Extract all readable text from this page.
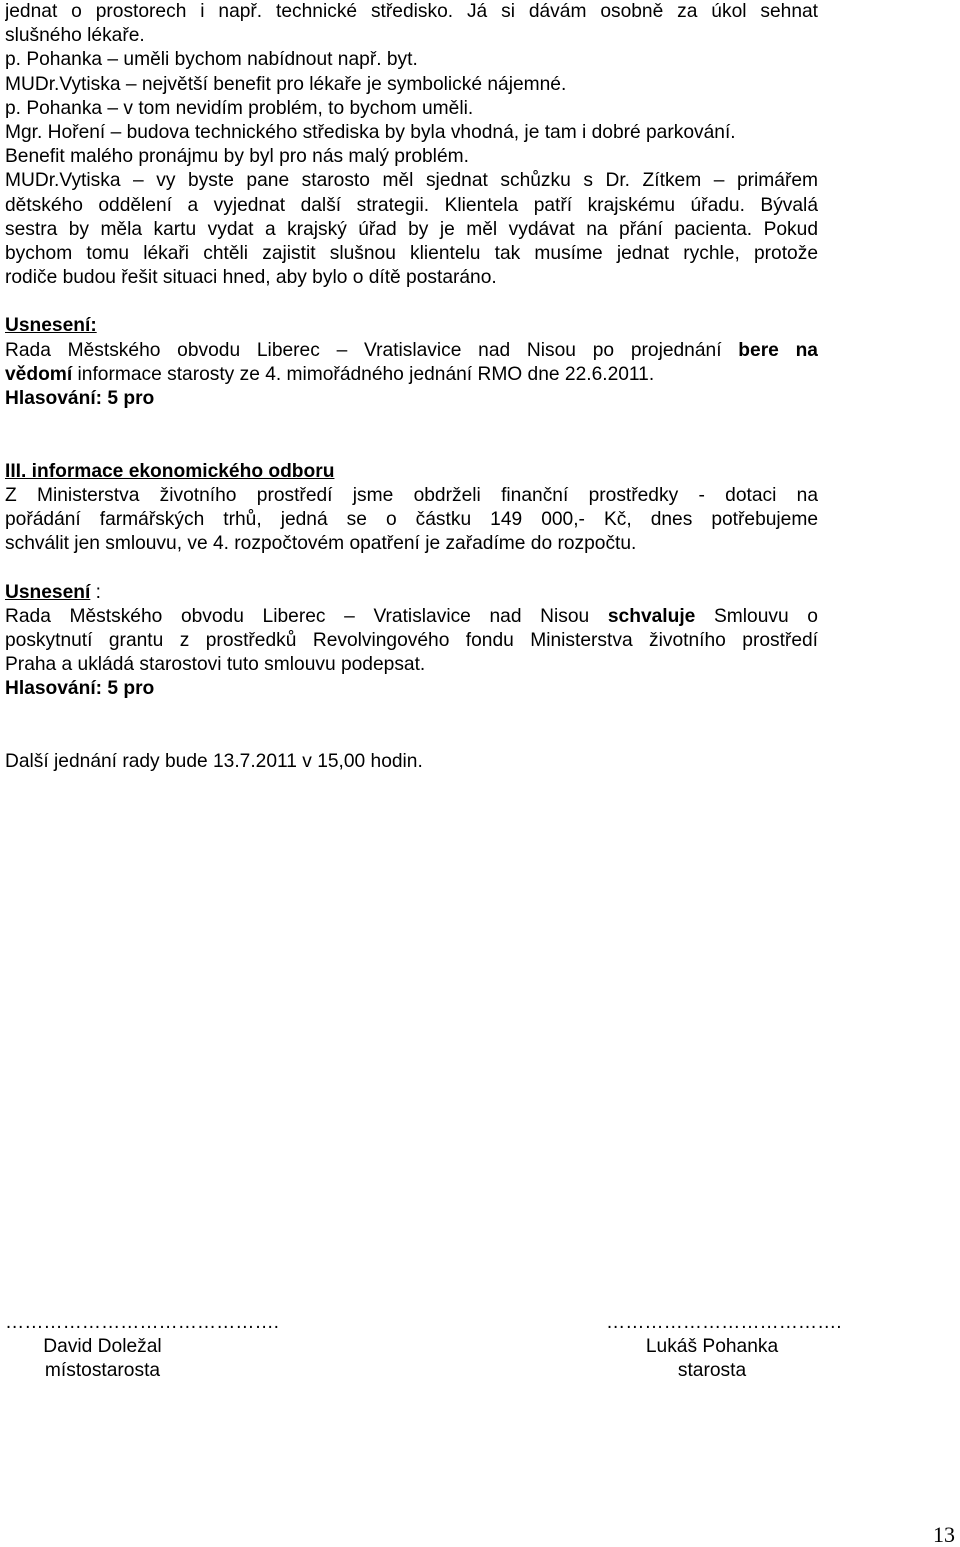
jednat o prostorech i např. technické středisko. Já si dávám osobně za úkol sehnat
slušného lékaře.
p. Pohanka – uměli bychom nabídnout např. byt.
MUDr.Vytiska – největší benefit pro lékaře je symbolické nájemné.
p. Pohanka – v tom nevidím problém, to bychom uměli.
Mgr. Hoření – budova technického střediska by byla vhodná, je tam i dobré parkování.
Benefit malého pronájmu by byl pro nás malý problém.
MUDr.Vytiska – vy byste pane starosto měl sjednat schůzku s Dr. Zítkem – primářem
dětského oddělení a vyjednat další strategii. Klientela patří krajskému úřadu. Bývalá
sestra by měla kartu vydat a krajský úřad by je měl vydávat na přání pacienta. Pokud
bychom tomu lékaři chtěli zajistit slušnou klientelu tak musíme jednat rychle, protože
rodiče budou řešit situaci hned, aby bylo o dítě postaráno.
Usnesení:
Rada Městského obvodu Liberec – Vratislavice nad Nisou po projednání bere na
vědomí informace starosty ze 4. mimořádného jednání RMO dne 22.6.2011.
Hlasování: 5 pro
III. informace ekonomického odboru
Z Ministerstva životního prostředí jsme obdrželi finanční prostředky - dotaci na
pořádání farmářských trhů, jedná se o částku 149 000,- Kč, dnes potřebujeme
schválit jen smlouvu, ve 4. rozpočtovém opatření je zařadíme do rozpočtu.
Usnesení :
Rada Městského obvodu Liberec – Vratislavice nad Nisou schvaluje Smlouvu o
poskytnutí grantu z prostředků Revolvingového fondu Ministerstva životního prostředí
Praha a ukládá starostovi tuto smlouvu podepsat.
Hlasování: 5 pro
Další jednání rady bude 13.7.2011 v 15,00 hodin.
…………………………………….
David Doležal
místostarosta
……………………………….
Lukáš Pohanka
starosta
13
